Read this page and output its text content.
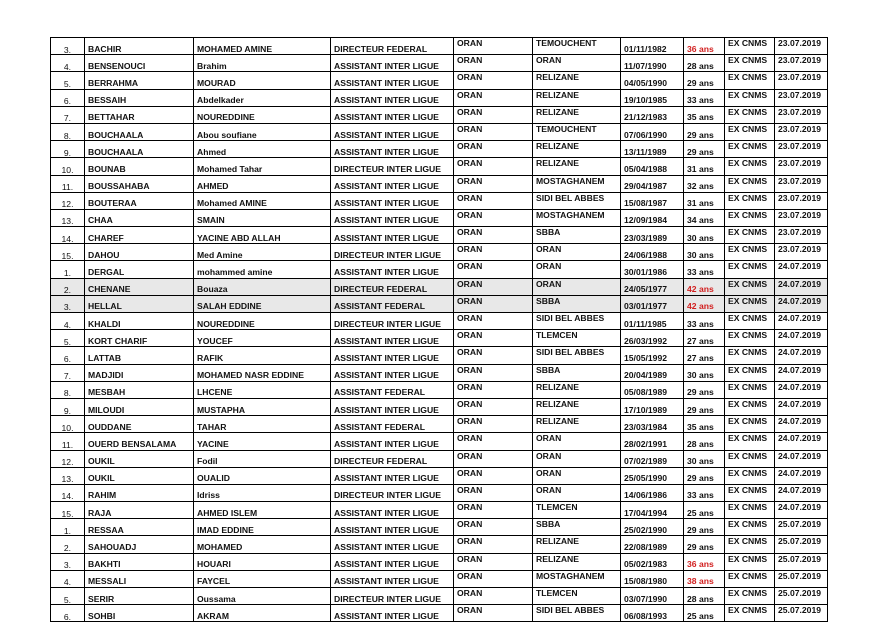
3.	BACHIR	MOHAMED AMINE	DIRECTEUR FEDERAL	ORAN	TEMOUCHENT	01/11/1982	36 ans	EX CNMS	23.07.2019
4.	BENSENOUCI	Brahim	ASSISTANT INTER LIGUE	ORAN	ORAN	11/07/1990	28 ans	EX CNMS	23.07.2019
5.	BERRAHMA	MOURAD	ASSISTANT INTER LIGUE	ORAN	RELIZANE	04/05/1990	29 ans	EX CNMS	23.07.2019
6.	BESSAIH	Abdelkader	ASSISTANT INTER LIGUE	ORAN	RELIZANE	19/10/1985	33 ans	EX CNMS	23.07.2019
7.	BETTAHAR	NOUREDDINE	ASSISTANT INTER LIGUE	ORAN	RELIZANE	21/12/1983	35 ans	EX CNMS	23.07.2019
8.	BOUCHAALA	Abou soufiane	ASSISTANT INTER LIGUE	ORAN	TEMOUCHENT	07/06/1990	29 ans	EX CNMS	23.07.2019
9.	BOUCHAALA	Ahmed	ASSISTANT INTER LIGUE	ORAN	RELIZANE	13/11/1989	29 ans	EX CNMS	23.07.2019
10.	BOUNAB	Mohamed Tahar	DIRECTEUR INTER LIGUE	ORAN	RELIZANE	05/04/1988	31 ans	EX CNMS	23.07.2019
11.	BOUSSAHABA	AHMED	ASSISTANT INTER LIGUE	ORAN	MOSTAGHANEM	29/04/1987	32 ans	EX CNMS	23.07.2019
12.	BOUTERAA	Mohamed AMINE	ASSISTANT INTER LIGUE	ORAN	SIDI BEL ABBES	15/08/1987	31 ans	EX CNMS	23.07.2019
13.	CHAA	SMAIN	ASSISTANT INTER LIGUE	ORAN	MOSTAGHANEM	12/09/1984	34 ans	EX CNMS	23.07.2019
14.	CHAREF	YACINE ABD ALLAH	ASSISTANT INTER LIGUE	ORAN	SBBA	23/03/1989	30 ans	EX CNMS	23.07.2019
15.	DAHOU	Med Amine	DIRECTEUR INTER LIGUE	ORAN	ORAN	24/06/1988	30 ans	EX CNMS	23.07.2019
1.	DERGAL	mohammed amine	ASSISTANT INTER LIGUE	ORAN	ORAN	30/01/1986	33 ans	EX CNMS	24.07.2019
2.	CHENANE	Bouaza	DIRECTEUR FEDERAL	ORAN	ORAN	24/05/1977	42 ans	EX CNMS	24.07.2019
3.	HELLAL	SALAH EDDINE	ASSISTANT FEDERAL	ORAN	SBBA	03/01/1977	42 ans	EX CNMS	24.07.2019
4.	KHALDI	NOUREDDINE	DIRECTEUR INTER LIGUE	ORAN	SIDI BEL ABBES	01/11/1985	33 ans	EX CNMS	24.07.2019
5.	KORT CHARIF	YOUCEF	ASSISTANT INTER LIGUE	ORAN	TLEMCEN	26/03/1992	27 ans	EX CNMS	24.07.2019
6.	LATTAB	RAFIK	ASSISTANT INTER LIGUE	ORAN	SIDI BEL ABBES	15/05/1992	27 ans	EX CNMS	24.07.2019
7.	MADJIDI	MOHAMED NASR EDDINE	ASSISTANT INTER LIGUE	ORAN	SBBA	20/04/1989	30 ans	EX CNMS	24.07.2019
8.	MESBAH	LHCENE	ASSISTANT FEDERAL	ORAN	RELIZANE	05/08/1989	29 ans	EX CNMS	24.07.2019
9.	MILOUDI	MUSTAPHA	ASSISTANT INTER LIGUE	ORAN	RELIZANE	17/10/1989	29 ans	EX CNMS	24.07.2019
10.	OUDDANE	TAHAR	ASSISTANT FEDERAL	ORAN	RELIZANE	23/03/1984	35 ans	EX CNMS	24.07.2019
11.	OUERD BENSALAMA	YACINE	ASSISTANT INTER LIGUE	ORAN	ORAN	28/02/1991	28 ans	EX CNMS	24.07.2019
12.	OUKIL	Fodil	DIRECTEUR FEDERAL	ORAN	ORAN	07/02/1989	30 ans	EX CNMS	24.07.2019
13.	OUKIL	OUALID	ASSISTANT INTER LIGUE	ORAN	ORAN	25/05/1990	29 ans	EX CNMS	24.07.2019
14.	RAHIM	Idriss	DIRECTEUR INTER LIGUE	ORAN	ORAN	14/06/1986	33 ans	EX CNMS	24.07.2019
15.	RAJA	AHMED ISLEM	ASSISTANT INTER LIGUE	ORAN	TLEMCEN	17/04/1994	25 ans	EX CNMS	24.07.2019
1.	RESSAA	IMAD EDDINE	ASSISTANT INTER LIGUE	ORAN	SBBA	25/02/1990	29 ans	EX CNMS	25.07.2019
2.	SAHOUADJ	MOHAMED	ASSISTANT INTER LIGUE	ORAN	RELIZANE	22/08/1989	29 ans	EX CNMS	25.07.2019
3.	BAKHTI	HOUARI	ASSISTANT INTER LIGUE	ORAN	RELIZANE	05/02/1983	36 ans	EX CNMS	25.07.2019
4.	MESSALI	FAYCEL	ASSISTANT INTER LIGUE	ORAN	MOSTAGHANEM	15/08/1980	38 ans	EX CNMS	25.07.2019
5.	SERIR	Oussama	DIRECTEUR INTER LIGUE	ORAN	TLEMCEN	03/07/1990	28 ans	EX CNMS	25.07.2019
6.	SOHBI	AKRAM	ASSISTANT INTER LIGUE	ORAN	SIDI BEL ABBES	06/08/1993	25 ans	EX CNMS	25.07.2019
